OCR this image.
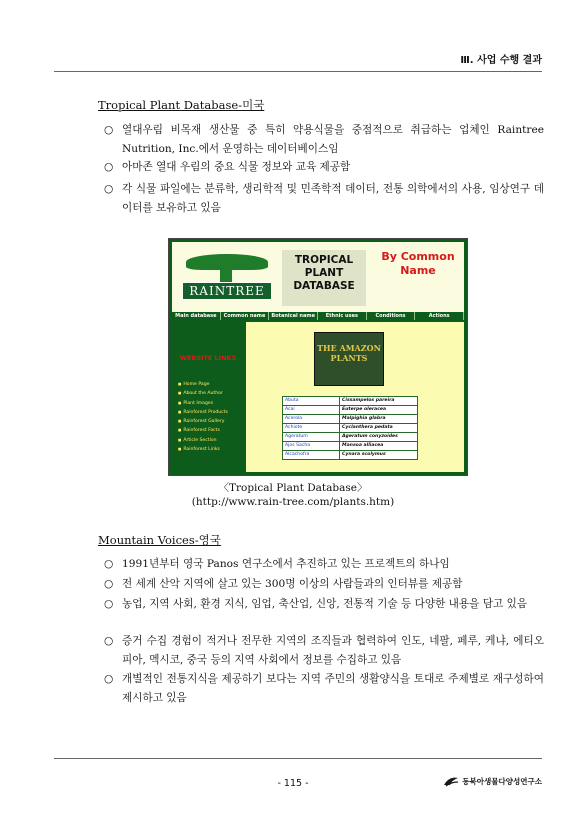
Ⅲ. 사업 수행 결과
Tropical Plant Database-미국
○ 열대우림 비목재 생산물 중 특히 약용식물을 중점적으로 취급하는 업체인 Raintree Nutrition, Inc.에서 운영하는 데이터베이스임
○ 아마존 열대 우림의 중요 식물 정보와 교육 제공함
○ 각 식물 파일에는 분류학, 생리학적 및 민족학적 데이터, 전통 의학에서의 사용, 임상연구 데이터를 보유하고 있음
RAINTREE
TROPICAL PLANT DATABASE
By Common Name
Main database	Common name	Botanical name	Ethnic uses	Conditions	Actions
WEBSITE LINKS
■ Home Page
■ About the Author
■ Plant Images
■ Rainforest Products
■ Rainforest Gallery
■ Rainforest Facts
■ Article Section
■ Rainforest Links
THE AMAZON PLANTS
Abuta	Cissampelos pareira
Acai	Euterpe oleracea
Acerola	Malpighia glabra
Achiote	Cyclanthera pedata
Ageratum	Ageratum conyzoides
Ajos Sacha	Mansoa alliacea
Alcachofra	Cynara scolymus
〈Tropical Plant Database〉
(http://www.rain-tree.com/plants.htm)
Mountain Voices-영국
○ 1991년부터 영국 Panos 연구소에서 추진하고 있는 프로젝트의 하나임
○ 전 세계 산악 지역에 살고 있는 300명 이상의 사람들과의 인터뷰를 제공함
○ 농업, 지역 사회, 환경 지식, 임업, 축산업, 신앙, 전통적 기술 등 다양한 내용을 담고 있음
○ 증거 수집 경험이 적거나 전무한 지역의 조직들과 협력하여 인도, 네팔, 페루, 케냐, 에티오피아, 멕시코, 중국 등의 지역 사회에서 정보를 수집하고 있음
○ 개별적인 전통지식을 제공하기 보다는 지역 주민의 생활양식을 토대로 주제별로 재구성하여 제시하고 있음
- 115 -	동북아생물다양성연구소
